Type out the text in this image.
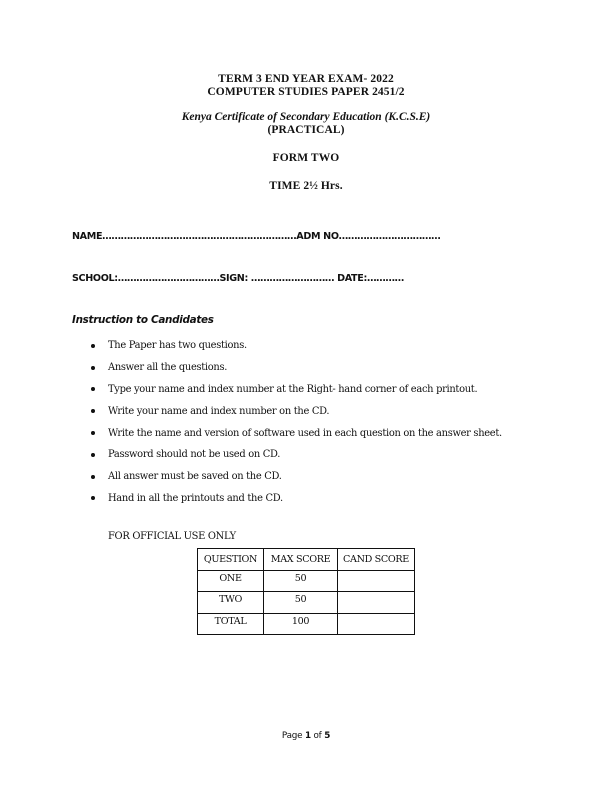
TERM 3 END YEAR EXAM- 2022
COMPUTER STUDIES PAPER 2451/2
Kenya Certificate of Secondary Education (K.C.S.E)
(PRACTICAL)
FORM TWO
TIME 2½ Hrs.
NAME………………………………………………………ADM NO……………………………
SCHOOL:……………………………SIGN: ……………………… DATE:…………
Instruction to Candidates
The Paper has two questions.
Answer all the questions.
Type your name and index number at the Right- hand corner of each printout.
Write your name and index number on the CD.
Write the name and version of software used in each question on the answer sheet.
Password should not be used on CD.
All answer must be saved on the CD.
Hand in all the printouts and the CD.
FOR OFFICIAL USE ONLY
QUESTION	MAX SCORE	CAND SCORE
ONE	50	
TWO	50	
TOTAL	100	
Page 1 of 5
